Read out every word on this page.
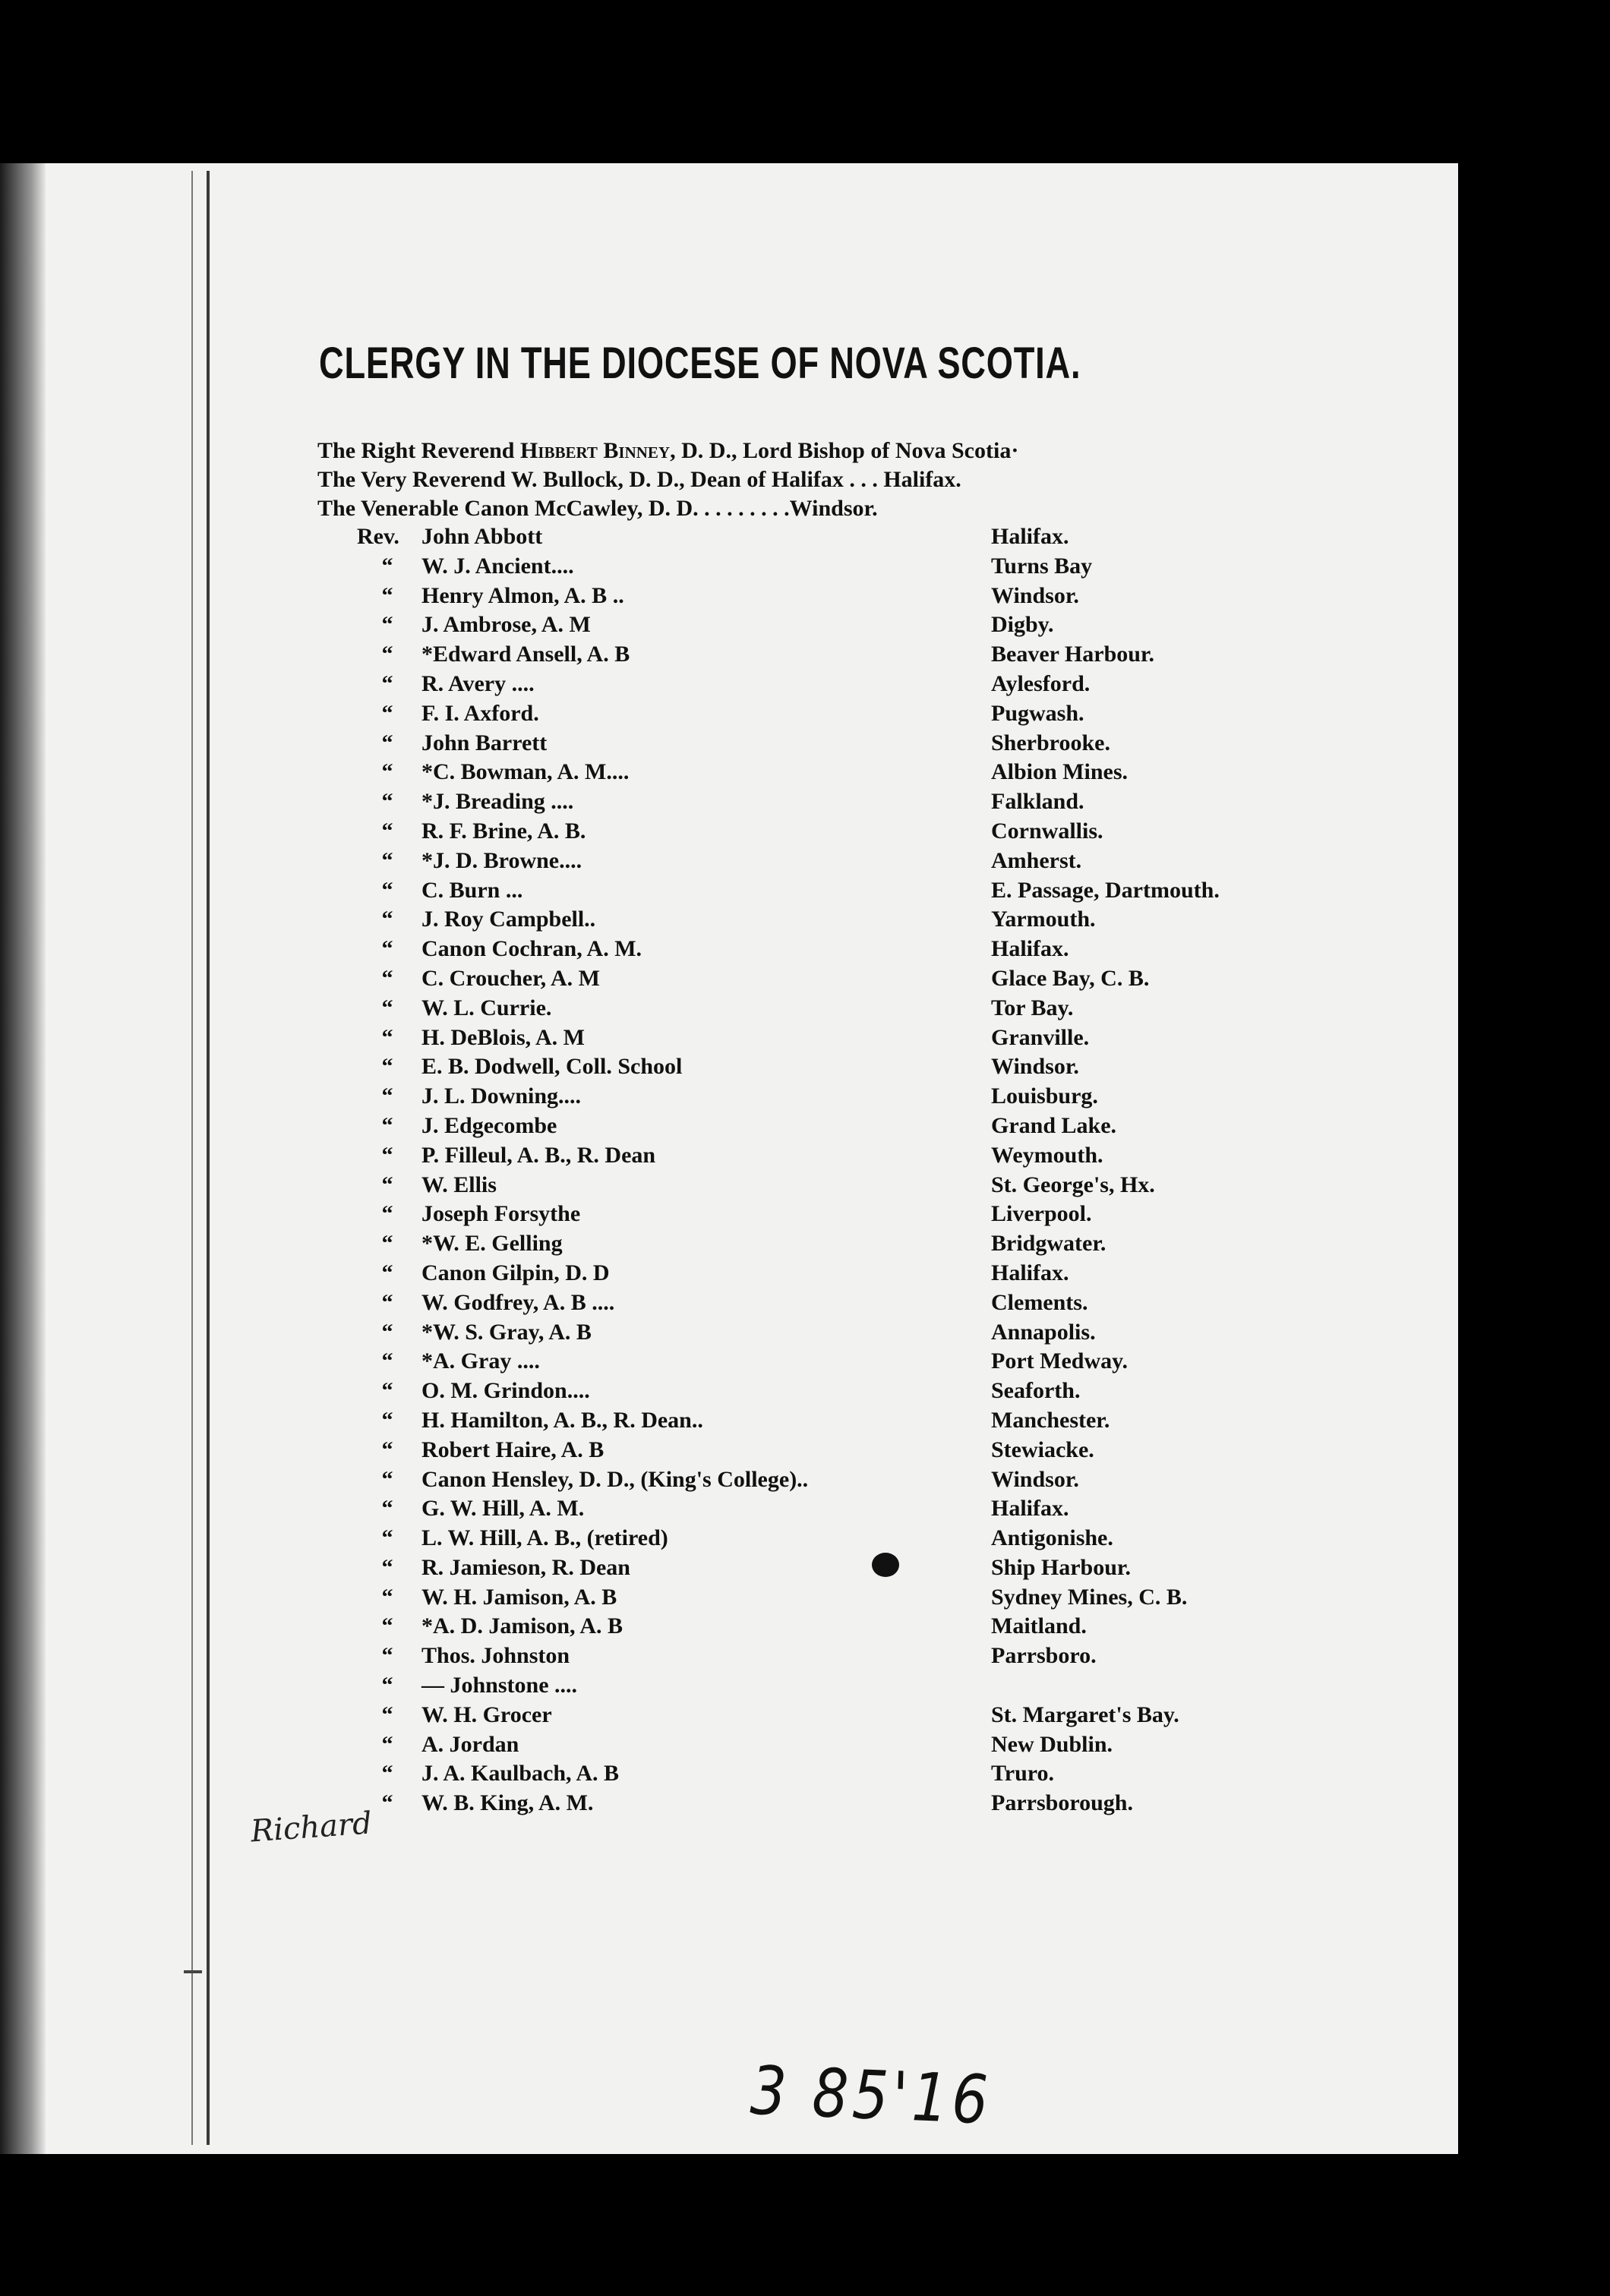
CLERGY IN THE DIOCESE OF NOVA SCOTIA.
The Right Reverend Hibbert Binney, D. D., Lord Bishop of Nova Scotia·
The Very Reverend W. Bullock, D. D., Dean of Halifax . . . Halifax.
The Venerable Canon McCawley, D. D. . . . . . . . .Windsor.
Rev. John Abbott	Halifax.
“	W. J. Ancient....	Turns Bay
“	Henry Almon, A. B ..	Windsor.
“	J. Ambrose, A. M	Digby.
“	*Edward Ansell, A. B	Beaver Harbour.
“	R. Avery ....	Aylesford.
“	F. I. Axford.	Pugwash.
“	John Barrett	Sherbrooke.
“	*C. Bowman, A. M....	Albion Mines.
“	*J. Breading ....	Falkland.
“	R. F. Brine, A. B.	Cornwallis.
“	*J. D. Browne....	Amherst.
“	C. Burn ...	E. Passage, Dartmouth.
“	J. Roy Campbell..	Yarmouth.
“	Canon Cochran, A. M.	Halifax.
“	C. Croucher, A. M	Glace Bay, C. B.
“	W. L. Currie.	Tor Bay.
“	H. DeBlois, A. M	Granville.
“	E. B. Dodwell, Coll. School	Windsor.
“	J. L. Downing....	Louisburg.
“	J. Edgecombe	Grand Lake.
“	P. Filleul, A. B., R. Dean	Weymouth.
“	W. Ellis	St. George's, Hx.
“	Joseph Forsythe	Liverpool.
“	*W. E. Gelling	Bridgwater.
“	Canon Gilpin, D. D	Halifax.
“	W. Godfrey, A. B ....	Clements.
“	*W. S. Gray, A. B	Annapolis.
“	*A. Gray ....	Port Medway.
“	O. M. Grindon....	Seaforth.
“	H. Hamilton, A. B., R. Dean..	Manchester.
“	Robert Haire, A. B	Stewiacke.
“	Canon Hensley, D. D., (King's College)..	Windsor.
“	G. W. Hill, A. M.	Halifax.
“	L. W. Hill, A. B., (retired)	Antigonishe.
“	R. Jamieson, R. Dean	Ship Harbour.
“	W. H. Jamison, A. B	Sydney Mines, C. B.
“	*A. D. Jamison, A. B	Maitland.
“	Thos. Johnston	Parrsboro.
“	— Johnstone ....
“	W. H. Grocer	St. Margaret's Bay.
“	A. Jordan	New Dublin.
“	J. A. Kaulbach, A. B	Truro.
“	W. B. King, A. M.	Parrsborough.
Richard
3 85'16
